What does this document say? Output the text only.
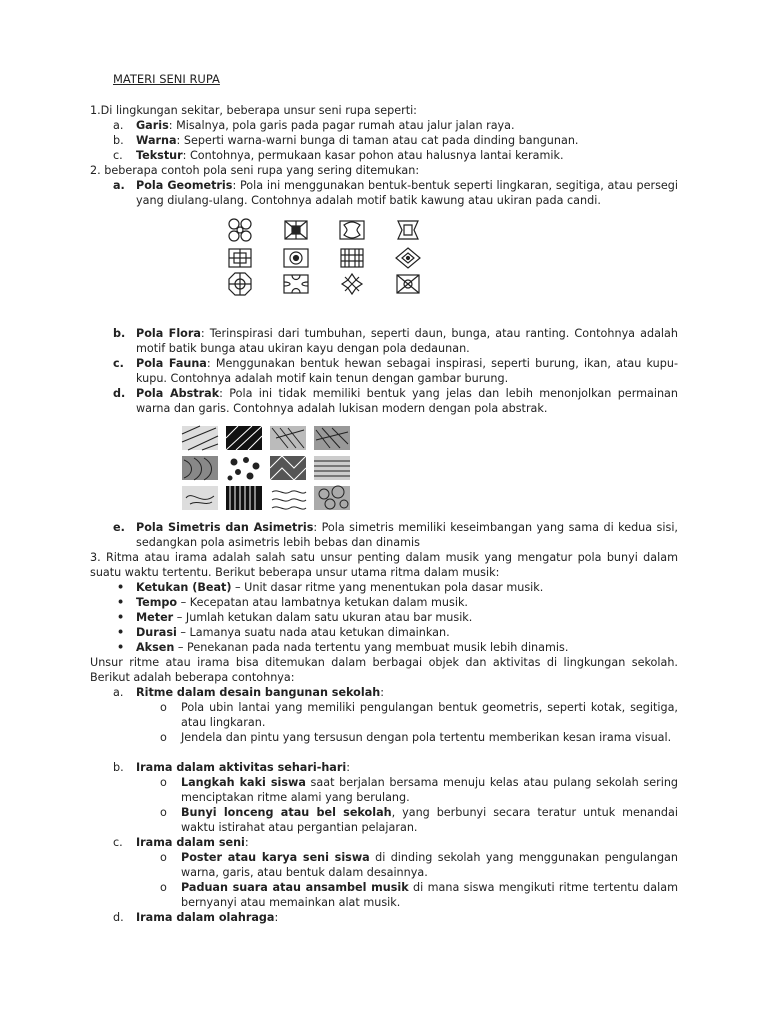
MATERI SENI RUPA
1.Di lingkungan sekitar, beberapa unsur seni rupa seperti:
a. Garis: Misalnya, pola garis pada pagar rumah atau jalur jalan raya.
b. Warna: Seperti warna-warni bunga di taman atau cat pada dinding bangunan.
c. Tekstur: Contohnya, permukaan kasar pohon atau halusnya lantai keramik.
2. beberapa contoh pola seni rupa yang sering ditemukan:
a. Pola Geometris: Pola ini menggunakan bentuk-bentuk seperti lingkaran, segitiga, atau persegi yang diulang-ulang. Contohnya adalah motif batik kawung atau ukiran pada candi.
b. Pola Flora: Terinspirasi dari tumbuhan, seperti daun, bunga, atau ranting. Contohnya adalah motif batik bunga atau ukiran kayu dengan pola dedaunan.
c. Pola Fauna: Menggunakan bentuk hewan sebagai inspirasi, seperti burung, ikan, atau kupu-kupu. Contohnya adalah motif kain tenun dengan gambar burung.
d. Pola Abstrak: Pola ini tidak memiliki bentuk yang jelas dan lebih menonjolkan permainan warna dan garis. Contohnya adalah lukisan modern dengan pola abstrak.
e. Pola Simetris dan Asimetris: Pola simetris memiliki keseimbangan yang sama di kedua sisi, sedangkan pola asimetris lebih bebas dan dinamis
3. Ritma atau irama adalah salah satu unsur penting dalam musik yang mengatur pola bunyi dalam suatu waktu tertentu. Berikut beberapa unsur utama ritma dalam musik:
• Ketukan (Beat) – Unit dasar ritme yang menentukan pola dasar musik.
• Tempo – Kecepatan atau lambatnya ketukan dalam musik.
• Meter – Jumlah ketukan dalam satu ukuran atau bar musik.
• Durasi – Lamanya suatu nada atau ketukan dimainkan.
• Aksen – Penekanan pada nada tertentu yang membuat musik lebih dinamis.
Unsur ritme atau irama bisa ditemukan dalam berbagai objek dan aktivitas di lingkungan sekolah. Berikut adalah beberapa contohnya:
a. Ritme dalam desain bangunan sekolah:
o Pola ubin lantai yang memiliki pengulangan bentuk geometris, seperti kotak, segitiga, atau lingkaran.
o Jendela dan pintu yang tersusun dengan pola tertentu memberikan kesan irama visual.
b. Irama dalam aktivitas sehari-hari:
o Langkah kaki siswa saat berjalan bersama menuju kelas atau pulang sekolah sering menciptakan ritme alami yang berulang.
o Bunyi lonceng atau bel sekolah, yang berbunyi secara teratur untuk menandai waktu istirahat atau pergantian pelajaran.
c. Irama dalam seni:
o Poster atau karya seni siswa di dinding sekolah yang menggunakan pengulangan warna, garis, atau bentuk dalam desainnya.
o Paduan suara atau ansambel musik di mana siswa mengikuti ritme tertentu dalam bernyanyi atau memainkan alat musik.
d. Irama dalam olahraga:
